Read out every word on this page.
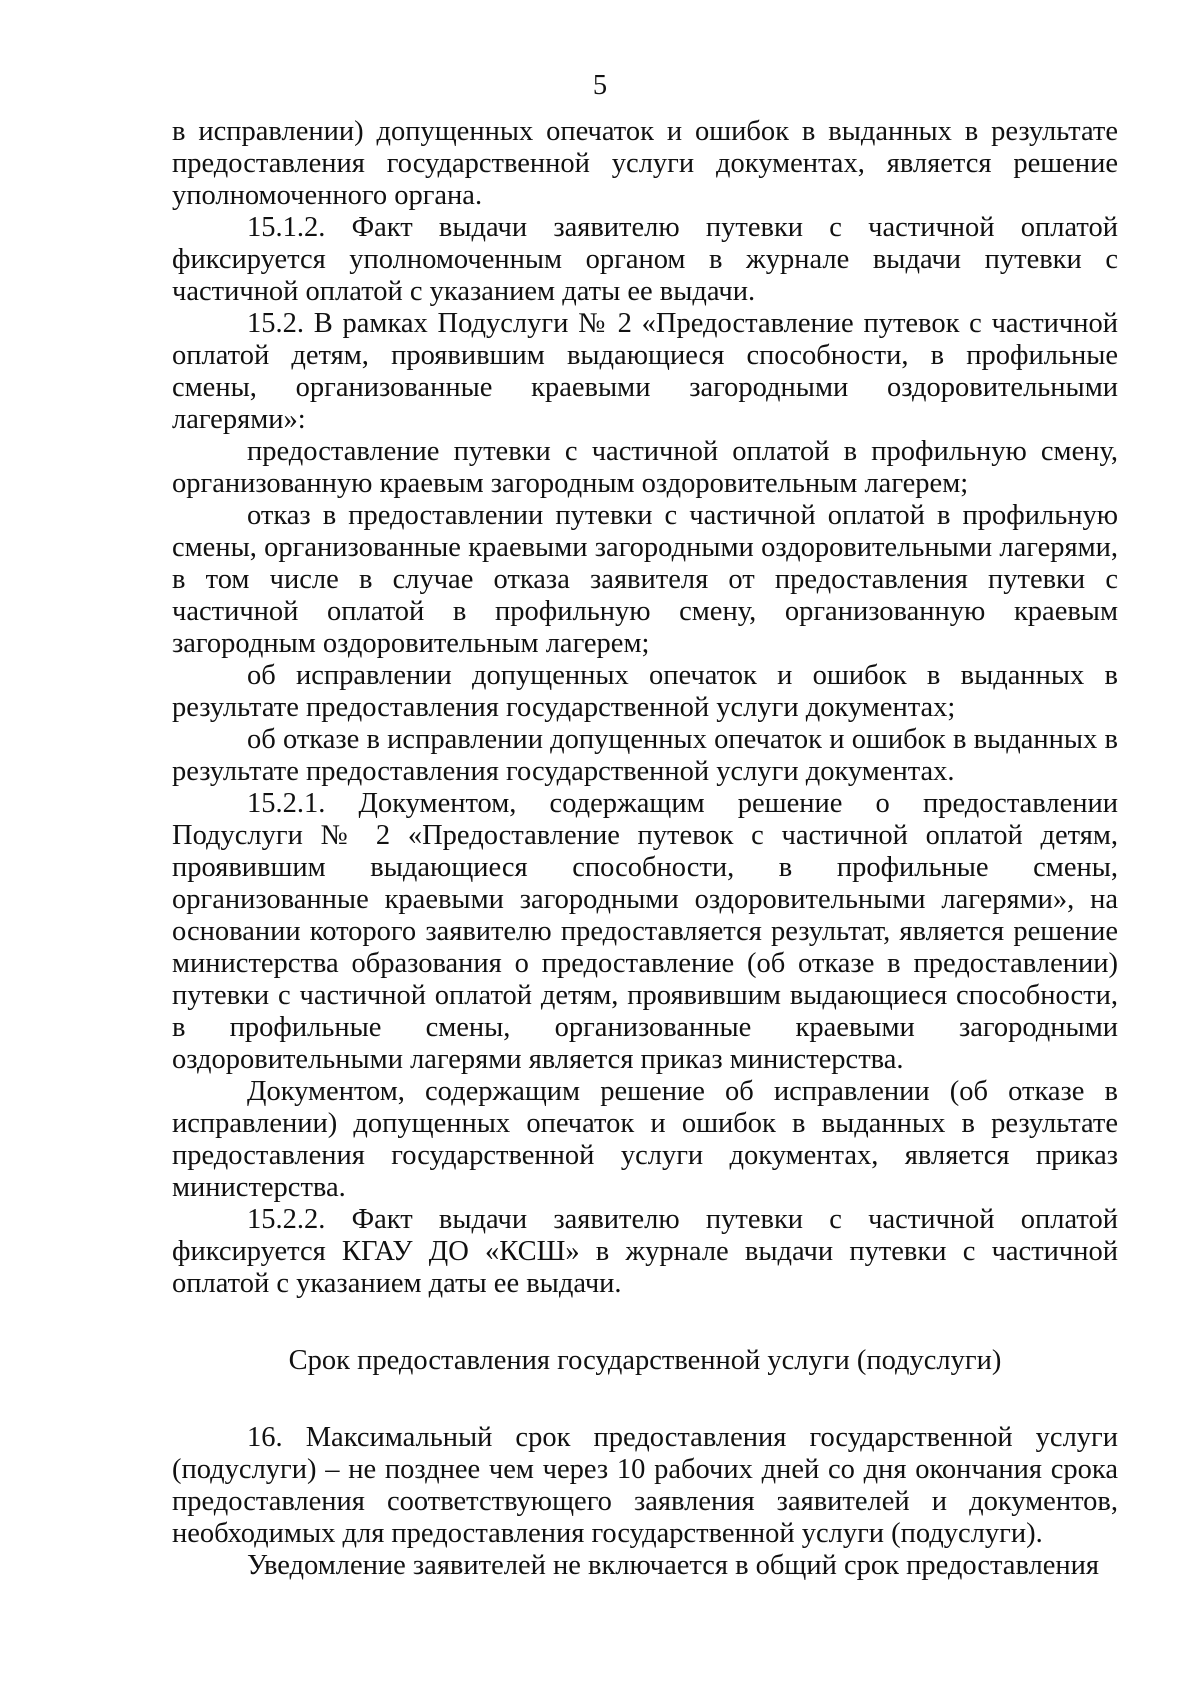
5

в исправлении) допущенных опечаток и ошибок в выданных в результате предоставления государственной услуги документах, является решение уполномоченного органа.

15.1.2. Факт выдачи заявителю путевки с частичной оплатой фиксируется уполномоченным органом в журнале выдачи путевки с частичной оплатой с указанием даты ее выдачи.

15.2. В рамках Подуслуги № 2 «Предоставление путевок с частичной оплатой детям, проявившим выдающиеся способности, в профильные смены, организованные краевыми загородными оздоровительными лагерями»:

предоставление путевки с частичной оплатой в профильную смену, организованную краевым загородным оздоровительным лагерем;

отказ в предоставлении путевки с частичной оплатой в профильную смены, организованные краевыми загородными оздоровительными лагерями, в том числе в случае отказа заявителя от предоставления путевки с частичной оплатой в профильную смену, организованную краевым загородным оздоровительным лагерем;

об исправлении допущенных опечаток и ошибок в выданных в результате предоставления государственной услуги документах;

об отказе в исправлении допущенных опечаток и ошибок в выданных в результате предоставления государственной услуги документах.

15.2.1. Документом, содержащим решение о предоставлении Подуслуги № 2 «Предоставление путевок с частичной оплатой детям, проявившим выдающиеся способности, в профильные смены, организованные краевыми загородными оздоровительными лагерями», на основании которого заявителю предоставляется результат, является решение министерства образования о предоставление (об отказе в предоставлении) путевки с частичной оплатой детям, проявившим выдающиеся способности, в профильные смены, организованные краевыми загородными оздоровительными лагерями является приказ министерства.

Документом, содержащим решение об исправлении (об отказе в исправлении) допущенных опечаток и ошибок в выданных в результате предоставления государственной услуги документах, является приказ министерства.

15.2.2. Факт выдачи заявителю путевки с частичной оплатой фиксируется КГАУ ДО «КСШ» в журнале выдачи путевки с частичной оплатой с указанием даты ее выдачи.

Срок предоставления государственной услуги (подуслуги)

16. Максимальный срок предоставления государственной услуги (подуслуги) – не позднее чем через 10 рабочих дней со дня окончания срока предоставления соответствующего заявления заявителей и документов, необходимых для предоставления государственной услуги (подуслуги).

Уведомление заявителей не включается в общий срок предоставления
